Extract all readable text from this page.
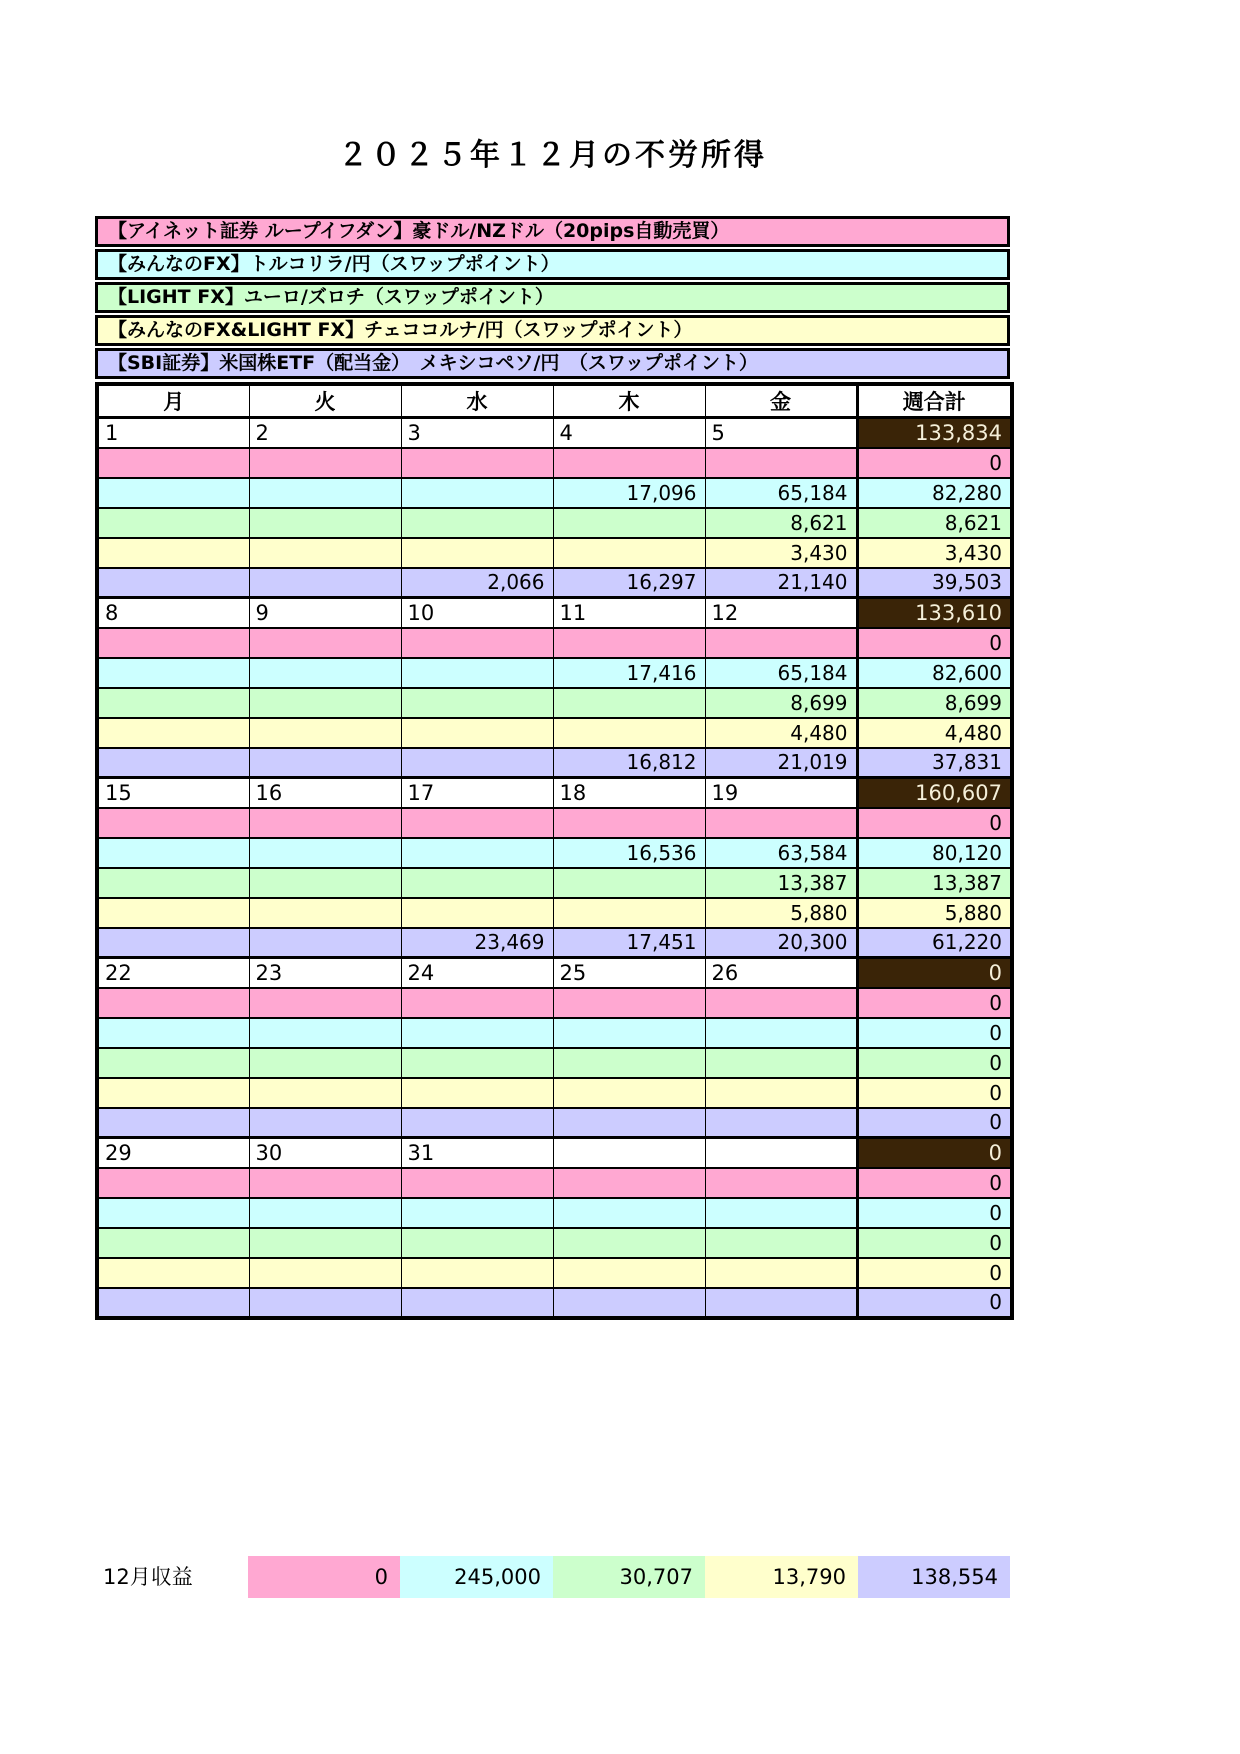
２０２５年１２月の不労所得
【アイネット証券 ループイフダン】豪ドル/NZドル（20pips自動売買）
【みんなのFX】トルコリラ/円（スワップポイント）
【LIGHT FX】ユーロ/ズロチ（スワップポイント）
【みんなのFX&LIGHT FX】チェココルナ/円（スワップポイント）
【SBI証券】米国株ETF（配当金）　メキシコペソ/円　（スワップポイント）
月	火	水	木	金	週合計
1	2	3	4	5	133,834
					0
			17,096	65,184	82,280
				8,621	8,621
				3,430	3,430
		2,066	16,297	21,140	39,503
8	9	10	11	12	133,610
					0
			17,416	65,184	82,600
				8,699	8,699
				4,480	4,480
			16,812	21,019	37,831
15	16	17	18	19	160,607
					0
			16,536	63,584	80,120
				13,387	13,387
				5,880	5,880
		23,469	17,451	20,300	61,220
22	23	24	25	26	0
					0
					0
					0
					0
					0
29	30	31			0
					0
					0
					0
					0
					0
12月収益	0	245,000	30,707	13,790	138,554
